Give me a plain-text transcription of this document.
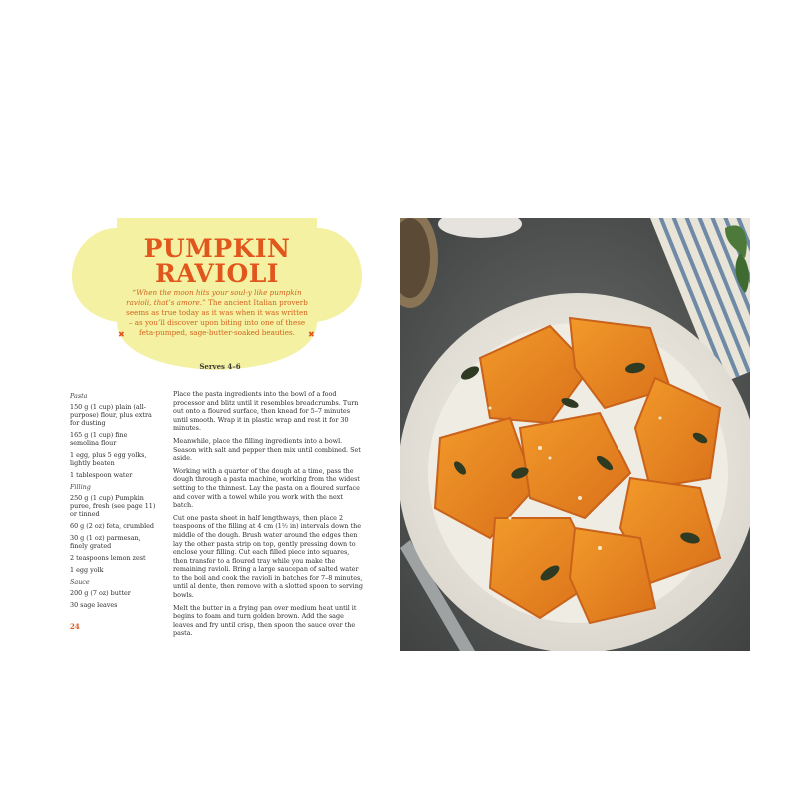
PUMPKIN
RAVIOLI
“When the moon hits your soul-y like pumpkin ravioli, that’s amore.” The ancient Italian proverb seems as true today as it was when it was written – as you’ll discover upon biting into one of these feta-pumped, sage-butter-soaked beauties.
✖	✖
Serves 4–6
Pasta
150 g (1 cup) plain (all-purpose) flour, plus extra for dusting
165 g (1 cup) fine semolina flour
1 egg, plus 5 egg yolks, lightly beaten
1 tablespoon water
Filling
250 g (1 cup) Pumpkin puree, fresh (see page 11) or tinned
60 g (2 oz) feta, crumbled
30 g (1 oz) parmesan, finely grated
2 teaspoons lemon zest
1 egg yolk
Sauce
200 g (7 oz) butter
30 sage leaves

Place the pasta ingredients into the bowl of a food processor and blitz until it resembles breadcrumbs. Turn out onto a floured surface, then knead for 5–7 minutes until smooth. Wrap it in plastic wrap and rest it for 30 minutes.

Meanwhile, place the filling ingredients into a bowl. Season with salt and pepper then mix until combined. Set aside.

Working with a quarter of the dough at a time, pass the dough through a pasta machine, working from the widest setting to the thinnest. Lay the pasta on a floured surface and cover with a towel while you work with the next batch.

Cut one pasta sheet in half lengthways, then place 2 teaspoons of the filling at 4 cm (1½ in) intervals down the middle of the dough. Brush water around the edges then lay the other pasta strip on top, gently pressing down to enclose your filling. Cut each filled piece into squares, then transfer to a floured tray while you make the remaining ravioli. Bring a large saucepan of salted water to the boil and cook the ravioli in batches for 7–8 minutes, until al dente, then remove with a slotted spoon to serving bowls.

Melt the butter in a frying pan over medium heat until it begins to foam and turn golden brown. Add the sage leaves and fry until crisp, then spoon the sauce over the pasta.

24
